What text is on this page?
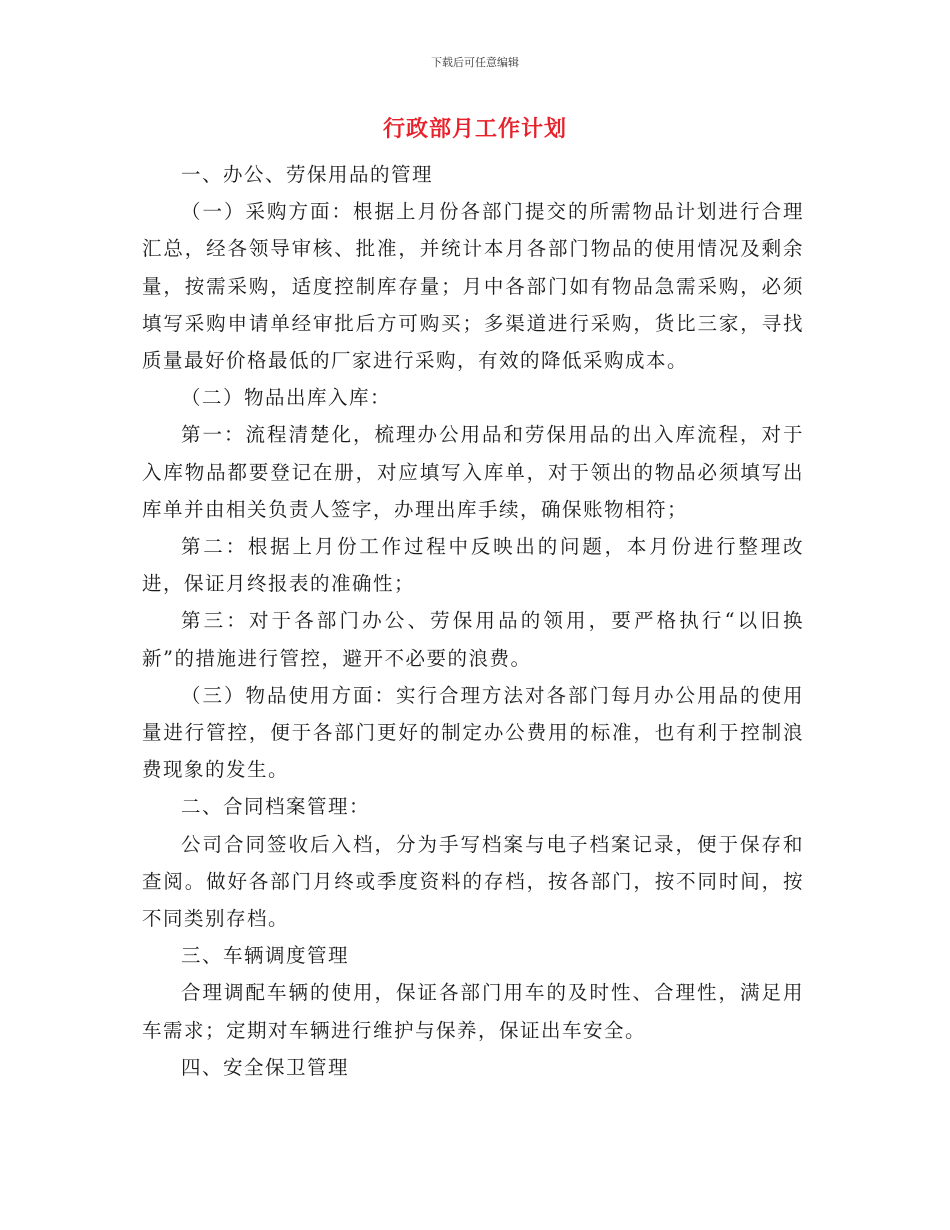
下载后可任意编辑
行政部月工作计划

一、办公、劳保用品的管理

（一）采购方面：根据上月份各部门提交的所需物品计划进行合理汇总，经各领导审核、批准，并统计本月各部门物品的使用情况及剩余量，按需采购，适度控制库存量；月中各部门如有物品急需采购，必须填写采购申请单经审批后方可购买；多渠道进行采购，货比三家，寻找质量最好价格最低的厂家进行采购，有效的降低采购成本。

（二）物品出库入库：

第一：流程清楚化，梳理办公用品和劳保用品的出入库流程，对于入库物品都要登记在册，对应填写入库单，对于领出的物品必须填写出库单并由相关负责人签字，办理出库手续，确保账物相符；

第二：根据上月份工作过程中反映出的问题，本月份进行整理改进，保证月终报表的准确性；

第三：对于各部门办公、劳保用品的领用，要严格执行“以旧换新”的措施进行管控，避开不必要的浪费。

（三）物品使用方面：实行合理方法对各部门每月办公用品的使用量进行管控，便于各部门更好的制定办公费用的标准，也有利于控制浪费现象的发生。

二、合同档案管理：

公司合同签收后入档，分为手写档案与电子档案记录，便于保存和查阅。做好各部门月终或季度资料的存档，按各部门，按不同时间，按不同类别存档。

三、车辆调度管理

合理调配车辆的使用，保证各部门用车的及时性、合理性，满足用车需求；定期对车辆进行维护与保养，保证出车安全。

四、安全保卫管理
